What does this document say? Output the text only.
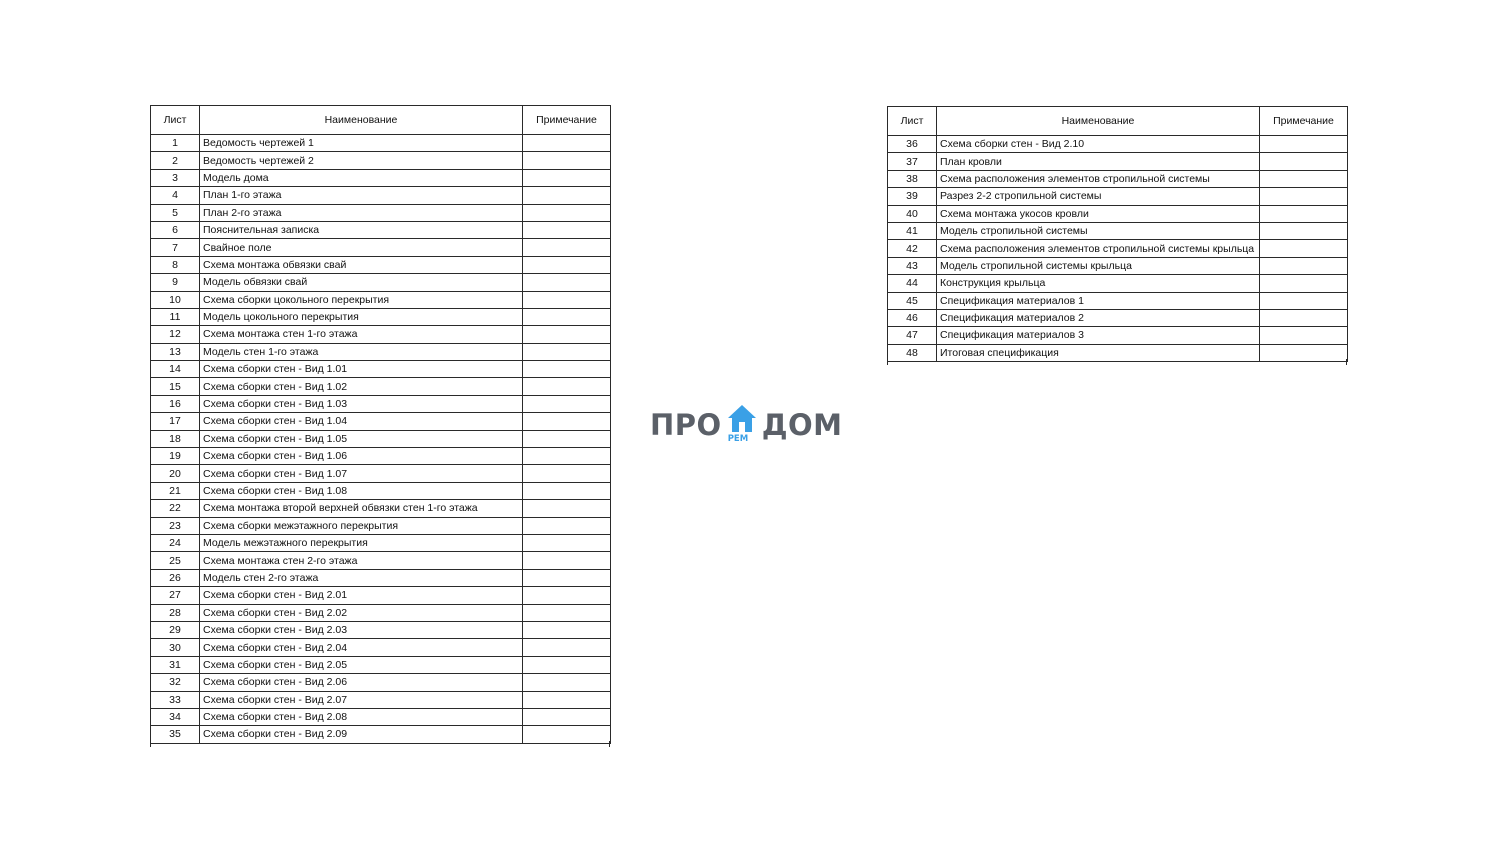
Лист	Наименование	Примечание
1	Ведомость чертежей 1	
2	Ведомость чертежей 2	
3	Модель дома	
4	План 1-го этажа	
5	План 2-го этажа	
6	Пояснительная записка	
7	Свайное поле	
8	Схема монтажа обвязки свай	
9	Модель обвязки свай	
10	Схема сборки цокольного перекрытия	
11	Модель цокольного перекрытия	
12	Схема монтажа стен 1-го этажа	
13	Модель стен 1-го этажа	
14	Схема сборки стен - Вид 1.01	
15	Схема сборки стен - Вид 1.02	
16	Схема сборки стен - Вид 1.03	
17	Схема сборки стен - Вид 1.04	
18	Схема сборки стен - Вид 1.05	
19	Схема сборки стен - Вид 1.06	
20	Схема сборки стен - Вид 1.07	
21	Схема сборки стен - Вид 1.08	
22	Схема монтажа второй верхней обвязки стен 1-го этажа	
23	Схема сборки межэтажного перекрытия	
24	Модель межэтажного перекрытия	
25	Схема монтажа стен 2-го этажа	
26	Модель стен 2-го этажа	
27	Схема сборки стен - Вид 2.01	
28	Схема сборки стен - Вид 2.02	
29	Схема сборки стен - Вид 2.03	
30	Схема сборки стен - Вид 2.04	
31	Схема сборки стен - Вид 2.05	
32	Схема сборки стен - Вид 2.06	
33	Схема сборки стен - Вид 2.07	
34	Схема сборки стен - Вид 2.08	
35	Схема сборки стен - Вид 2.09	
Лист	Наименование	Примечание
36	Схема сборки стен - Вид 2.10	
37	План кровли	
38	Схема расположения элементов стропильной системы	
39	Разрез 2-2 стропильной системы	
40	Схема монтажа укосов кровли	
41	Модель стропильной системы	
42	Схема расположения элементов стропильной системы крыльца	
43	Модель стропильной системы крыльца	
44	Конструкция крыльца	
45	Спецификация материалов 1	
46	Спецификация материалов 2	
47	Спецификация материалов 3	
48	Итоговая спецификация	
ПРО РЕМ ДОМ
